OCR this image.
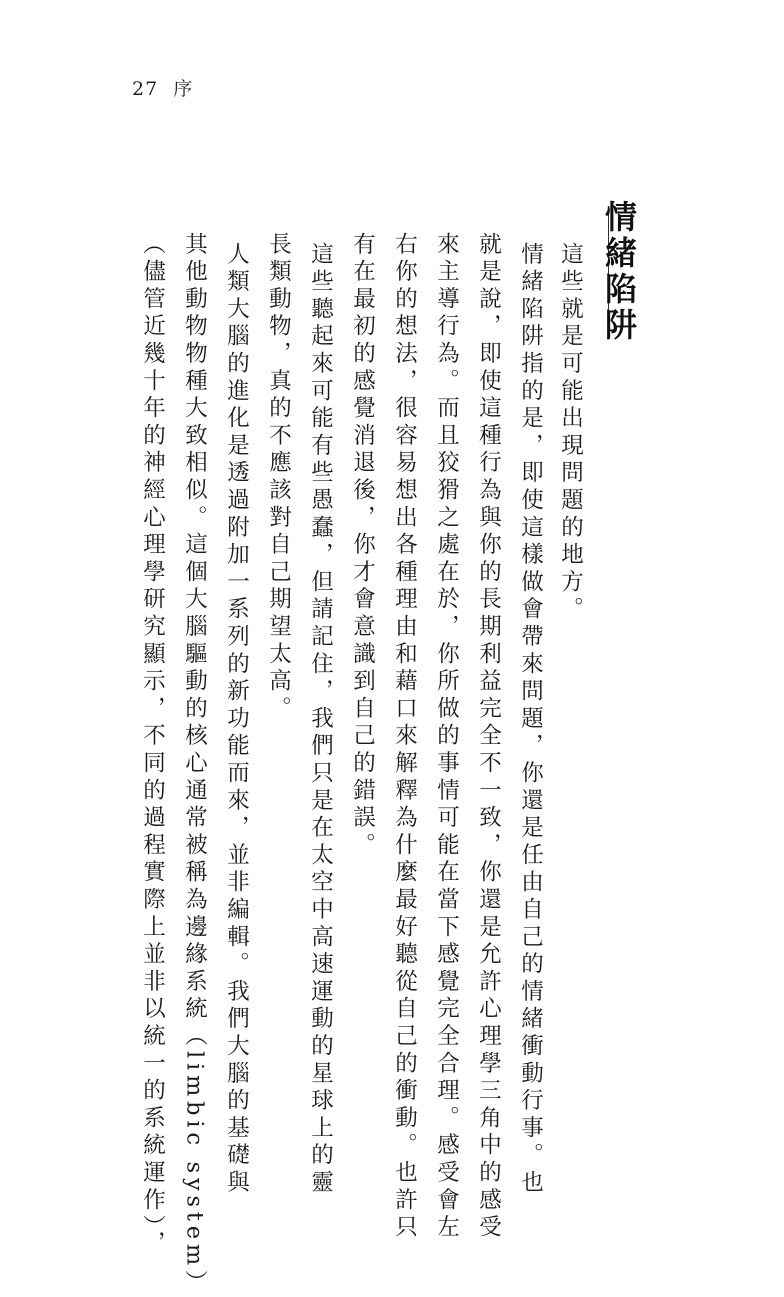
27 序
情緒陷阱
這些就是可能出現問題的地方。
情緒陷阱指的是，即使這樣做會帶來問題，你還是任由自己的情緒衝動行事。也
就是說，即使這種行為與你的長期利益完全不一致，你還是允許心理學三角中的感受
來主導行為。而且狡猾之處在於，你所做的事情可能在當下感覺完全合理。感受會左
右你的想法，很容易想出各種理由和藉口來解釋為什麼最好聽從自己的衝動。也許只
有在最初的感覺消退後，你才會意識到自己的錯誤。
這些聽起來可能有些愚蠢，但請記住，我們只是在太空中高速運動的星球上的靈
長類動物，真的不應該對自己期望太高。
人類大腦的進化是透過附加一系列的新功能而來，並非編輯。我們大腦的基礎與
其他動物物種大致相似。這個大腦驅動的核心通常被稱為邊緣系統（limbic system）
（儘管近幾十年的神經心理學研究顯示，不同的過程實際上並非以統一的系統運作），
